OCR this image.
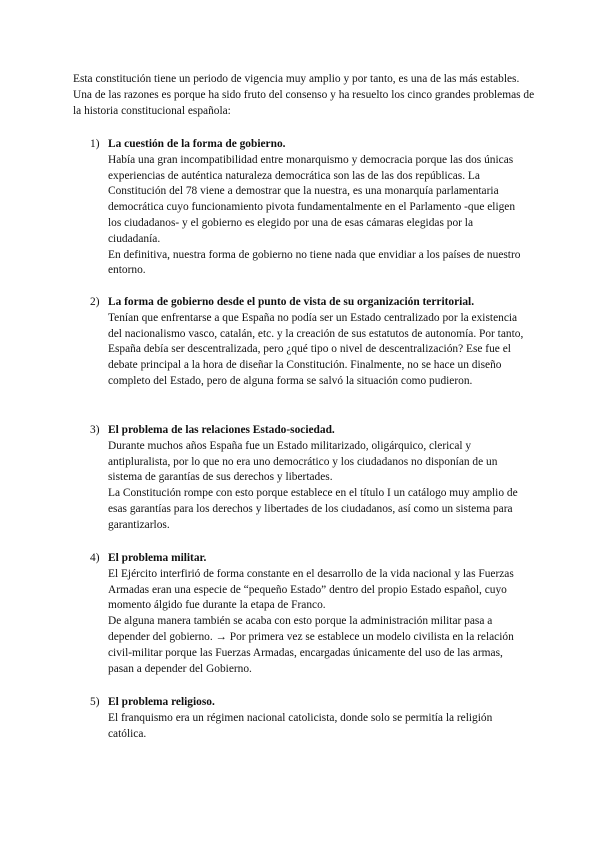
Esta constitución tiene un periodo de vigencia muy amplio y por tanto, es una de las más estables. Una de las razones es porque ha sido fruto del consenso y ha resuelto los cinco grandes problemas de la historia constitucional española:

1) La cuestión de la forma de gobierno.

Había una gran incompatibilidad entre monarquismo y democracia porque las dos únicas experiencias de auténtica naturaleza democrática son las de las dos repúblicas. La Constitución del 78 viene a demostrar que la nuestra, es una monarquía parlamentaria democrática cuyo funcionamiento pivota fundamentalmente en el Parlamento -que eligen los ciudadanos- y el gobierno es elegido por una de esas cámaras elegidas por la ciudadanía.

En definitiva, nuestra forma de gobierno no tiene nada que envidiar a los países de nuestro entorno.

2) La forma de gobierno desde el punto de vista de su organización territorial.

Tenían que enfrentarse a que España no podía ser un Estado centralizado por la existencia del nacionalismo vasco, catalán, etc. y la creación de sus estatutos de autonomía. Por tanto, España debía ser descentralizada, pero ¿qué tipo o nivel de descentralización? Ese fue el debate principal a la hora de diseñar la Constitución. Finalmente, no se hace un diseño completo del Estado, pero de alguna forma se salvó la situación como pudieron.

3) El problema de las relaciones Estado-sociedad.

Durante muchos años España fue un Estado militarizado, oligárquico, clerical y antipluralista, por lo que no era uno democrático y los ciudadanos no disponían de un sistema de garantías de sus derechos y libertades.

La Constitución rompe con esto porque establece en el título I un catálogo muy amplio de esas garantías para los derechos y libertades de los ciudadanos, así como un sistema para garantizarlos.

4) El problema militar.

El Ejército interfirió de forma constante en el desarrollo de la vida nacional y las Fuerzas Armadas eran una especie de “pequeño Estado” dentro del propio Estado español, cuyo momento álgido fue durante la etapa de Franco.

De alguna manera también se acaba con esto porque la administración militar pasa a depender del gobierno. → Por primera vez se establece un modelo civilista en la relación civil-militar porque las Fuerzas Armadas, encargadas únicamente del uso de las armas, pasan a depender del Gobierno.

5) El problema religioso.

El franquismo era un régimen nacional catolicista, donde solo se permitía la religión católica.
